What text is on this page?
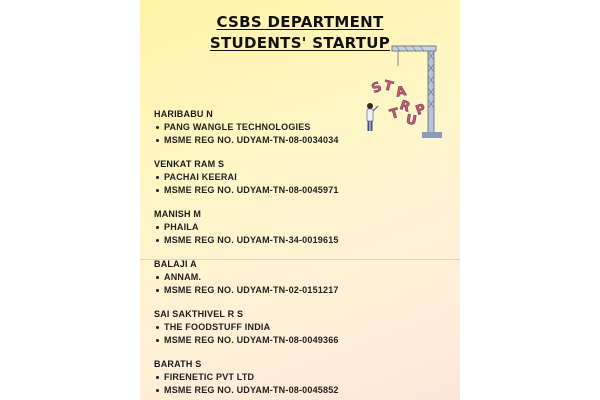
CSBS DEPARTMENT
STUDENTS' STARTUP
S
T A
R
T U
P
HARIBABU N
PANG WANGLE TECHNOLOGIES
MSME REG NO. UDYAM-TN-08-0034034
VENKAT RAM S
PACHAI KEERAI
MSME REG NO. UDYAM-TN-08-0045971
MANISH M
PHAILA
MSME REG NO. UDYAM-TN-34-0019615
BALAJI A
ANNAM.
MSME REG NO. UDYAM-TN-02-0151217
SAI SAKTHIVEL R S
THE FOODSTUFF INDIA
MSME REG NO. UDYAM-TN-08-0049366
BARATH S
FIRENETIC PVT LTD
MSME REG NO. UDYAM-TN-08-0045852
